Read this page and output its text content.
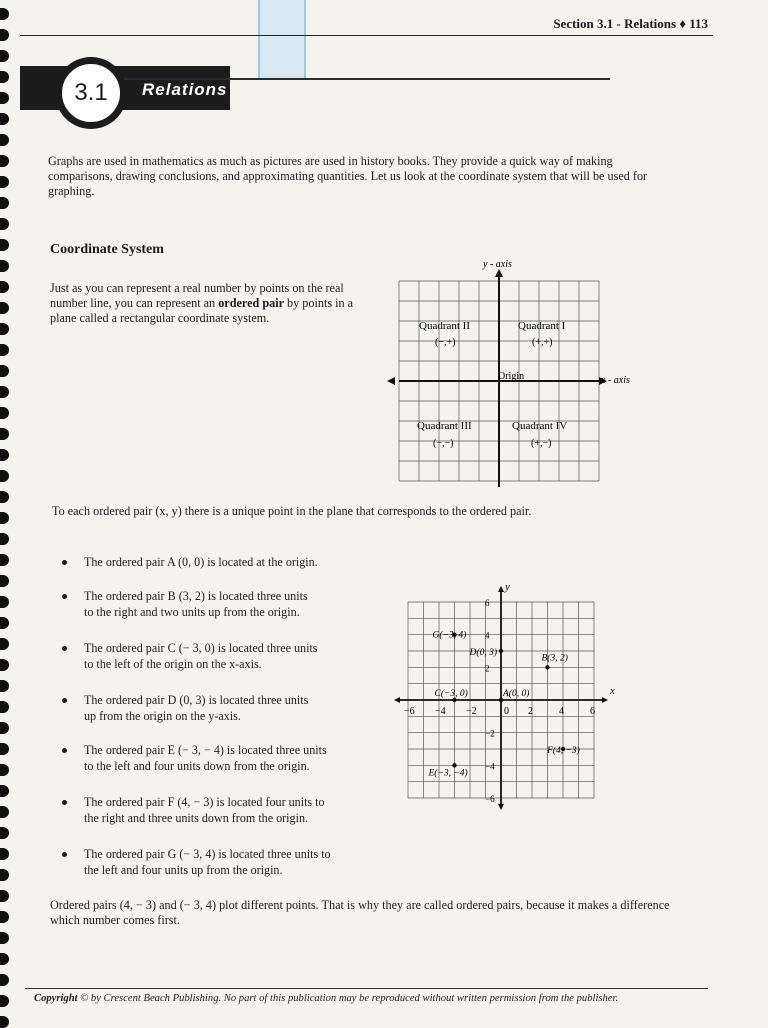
Section 3.1 - Relations ♦ 113
3.1	Relations
Graphs are used in mathematics as much as pictures are used in history books. They provide a quick way of making comparisons, drawing conclusions, and approximating quantities. Let us look at the coordinate system that will be used for graphing.
Coordinate System
Just as you can represent a real number by points on the real number line, you can represent an ordered pair by points in a plane called a rectangular coordinate system.
y - axis
x - axis
Quadrant II
(−,+)
Quadrant I
(+,+)
Origin
Quadrant III
(−,−)
Quadrant IV
(+,−)
To each ordered pair (x, y) there is a unique point in the plane that corresponds to the ordered pair.
The ordered pair A (0, 0) is located at the origin.
The ordered pair B (3, 2) is located three units
to the right and two units up from the origin.
The ordered pair C (− 3, 0) is located three units
to the left of the origin on the x-axis.
The ordered pair D (0, 3) is located three units
up from the origin on the y-axis.
The ordered pair E (− 3, − 4) is located three units
to the left and four units down from the origin.
The ordered pair F (4, − 3) is located four units to
the right and three units down from the origin.
The ordered pair G (− 3, 4) is located three units to
the left and four units up from the origin.
x
y
−6 −4 −2	0 2	4	6
6
4
2
−2
−4
−6
A(0, 0)
B(3, 2)
C(−3, 0)
D(0, 3)
E(−3, −4)
F(4, −3)
G(−3, 4)
Ordered pairs (4, − 3) and (− 3, 4) plot different points. That is why they are called ordered pairs, because it makes a difference which number comes first.
Copyright © by Crescent Beach Publishing. No part of this publication may be reproduced without written permission from the publisher.
